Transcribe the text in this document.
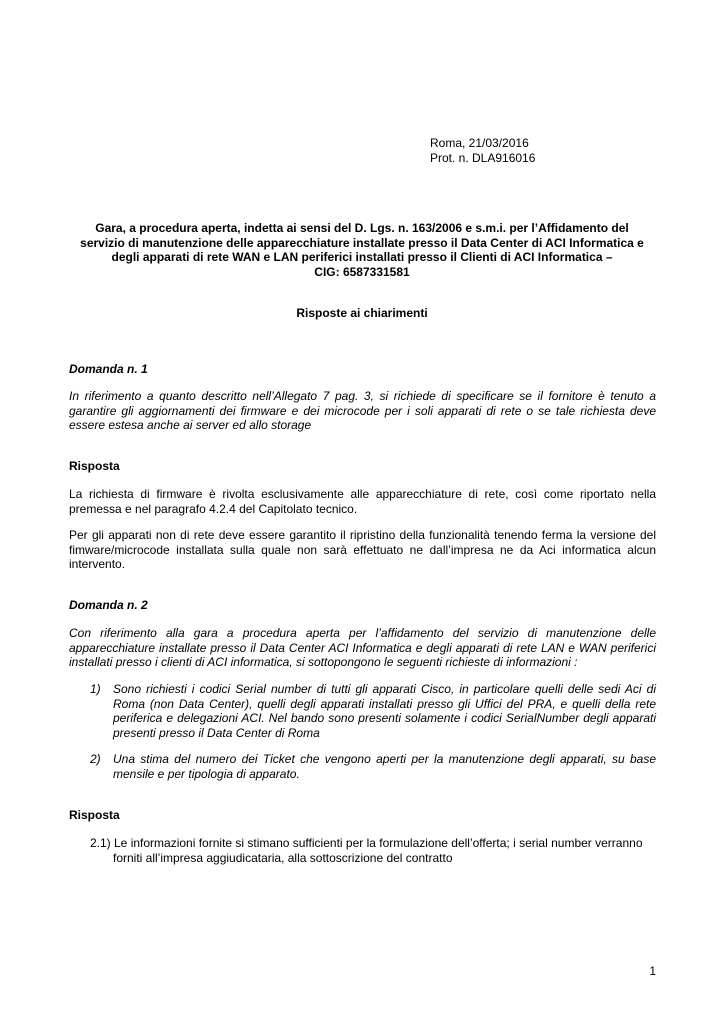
Roma, 21/03/2016
Prot. n. DLA916016
Gara, a procedura aperta, indetta ai sensi del D. Lgs. n. 163/2006 e s.m.i. per l’Affidamento del
servizio di manutenzione delle apparecchiature installate presso il Data Center di ACI Informatica e
degli apparati di rete WAN e LAN periferici installati presso il Clienti di ACI Informatica –
CIG: 6587331581
Risposte ai chiarimenti
Domanda n. 1
In riferimento a quanto descritto nell’Allegato 7 pag. 3, si richiede di specificare se il fornitore è tenuto a garantire gli aggiornamenti dei firmware e dei microcode per i soli apparati di rete o se tale richiesta deve essere estesa anche ai server ed allo storage
Risposta
La richiesta di firmware è rivolta esclusivamente alle apparecchiature di rete, così come riportato nella premessa e nel paragrafo 4.2.4 del Capitolato tecnico.
Per gli apparati non di rete deve essere garantito il ripristino della funzionalità tenendo ferma la versione del fimware/microcode installata sulla quale non sarà effettuato ne dall’impresa ne da Aci informatica alcun intervento.
Domanda n. 2
Con riferimento alla gara a procedura aperta per l’affidamento del servizio di manutenzione delle apparecchiature installate presso il Data Center ACI Informatica e degli apparati di rete LAN e WAN periferici installati presso i clienti di ACI informatica, si sottopongono le seguenti richieste di informazioni :
1)	Sono richiesti i codici Serial number di tutti gli apparati Cisco, in particolare quelli delle sedi Aci di Roma (non Data Center), quelli degli apparati installati presso gli Uffici del PRA, e quelli della rete periferica e delegazioni ACI. Nel bando sono presenti solamente i codici SerialNumber degli apparati presenti presso il Data Center di Roma
2)	Una stima del numero dei Ticket che vengono aperti per la manutenzione degli apparati, su base mensile e per tipologia di apparato.
Risposta
2.1) Le informazioni fornite si stimano sufficienti per la formulazione dell’offerta; i serial number verranno forniti all’impresa aggiudicataria, alla sottoscrizione del contratto
1
